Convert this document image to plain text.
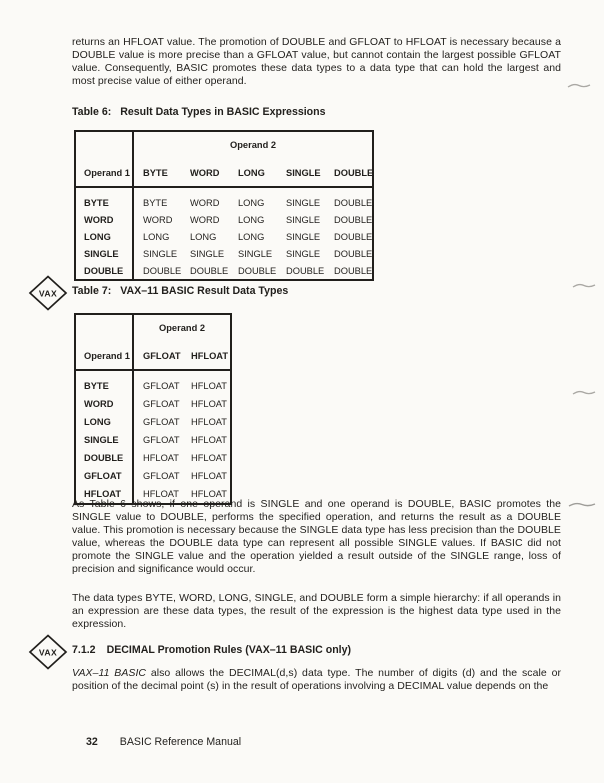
returns an HFLOAT value. The promotion of DOUBLE and GFLOAT to HFLOAT is necessary because a DOUBLE value is more precise than a GFLOAT value, but cannot contain the largest possible GFLOAT value. Consequently, BASIC promotes these data types to a data type that can hold the largest and most precise value of either operand.
Table 6: Result Data Types in BASIC Expressions
Operand 1	Operand 2				
	BYTE	WORD	LONG	SINGLE	DOUBLE
BYTE	BYTE	WORD	LONG	SINGLE	DOUBLE
WORD	WORD	WORD	LONG	SINGLE	DOUBLE
LONG	LONG	LONG	LONG	SINGLE	DOUBLE
SINGLE	SINGLE	SINGLE	SINGLE	SINGLE	DOUBLE
DOUBLE	DOUBLE	DOUBLE	DOUBLE	DOUBLE	DOUBLE
VAX Table 7: VAX–11 BASIC Result Data Types
Operand 1	Operand 2	
	GFLOAT	HFLOAT
BYTE	GFLOAT	HFLOAT
WORD	GFLOAT	HFLOAT
LONG	GFLOAT	HFLOAT
SINGLE	GFLOAT	HFLOAT
DOUBLE	HFLOAT	HFLOAT
GFLOAT	GFLOAT	HFLOAT
HFLOAT	HFLOAT	HFLOAT
As Table 6 shows, if one operand is SINGLE and one operand is DOUBLE, BASIC promotes the SINGLE value to DOUBLE, performs the specified operation, and returns the result as a DOUBLE value. This promotion is necessary because the SINGLE data type has less precision than the DOUBLE value, whereas the DOUBLE data type can represent all possible SINGLE values. If BASIC did not promote the SINGLE value and the operation yielded a result outside of the SINGLE range, loss of precision and significance would occur.
The data types BYTE, WORD, LONG, SINGLE, and DOUBLE form a simple hierarchy: if all operands in an expression are these data types, the result of the expression is the highest data type used in the expression.
VAX 7.1.2 DECIMAL Promotion Rules (VAX–11 BASIC only)
VAX–11 BASIC also allows the DECIMAL(d,s) data type. The number of digits (d) and the scale or position of the decimal point (s) in the result of operations involving a DECIMAL value depends on the
32 BASIC Reference Manual
